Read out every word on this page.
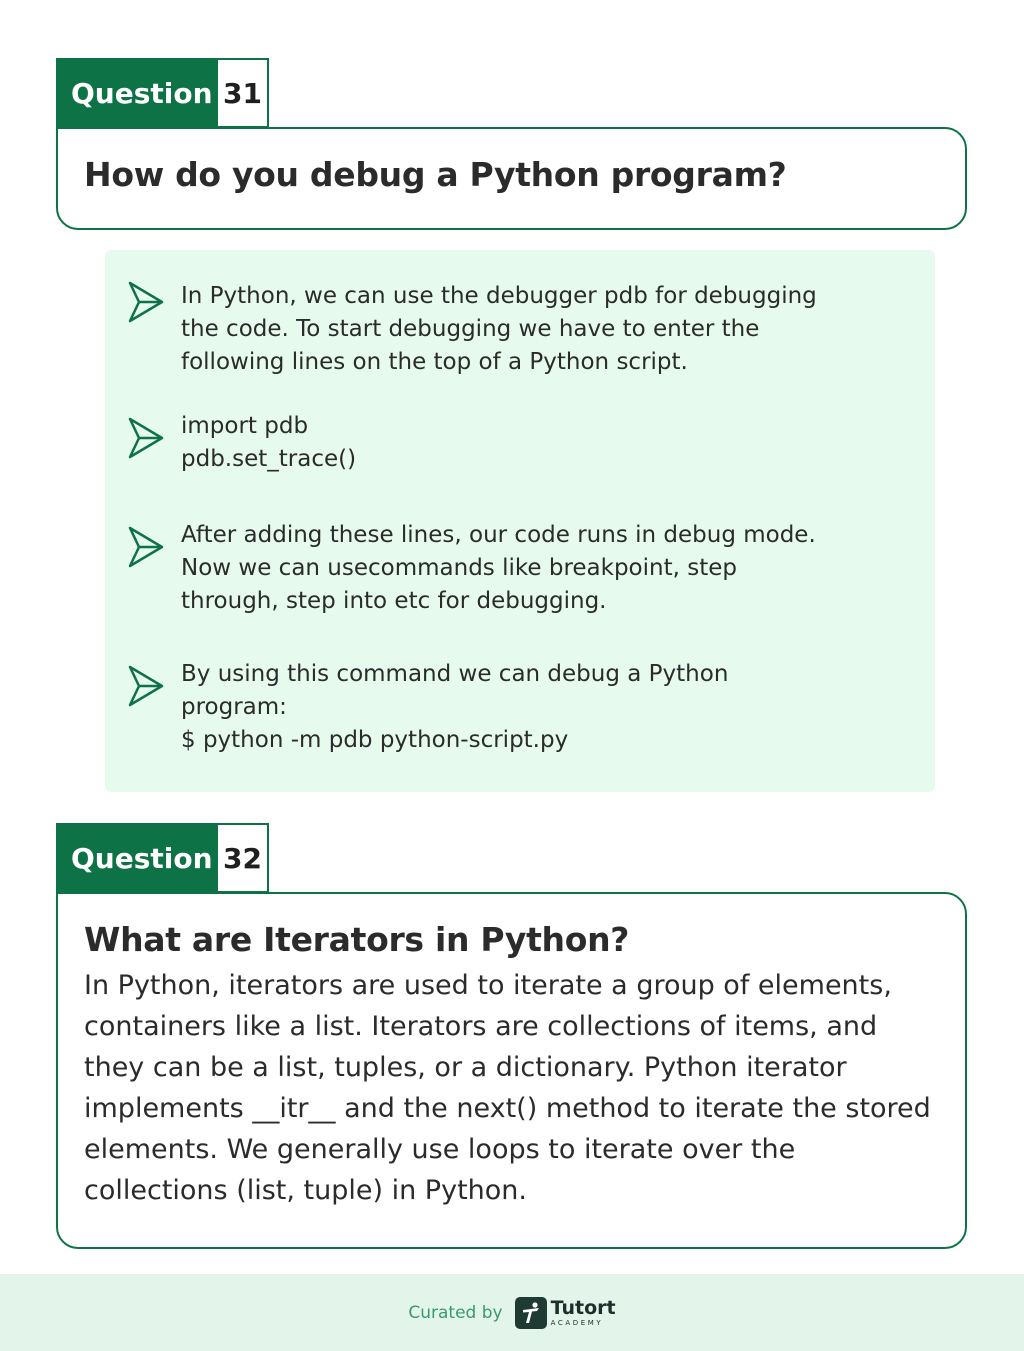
Question 31
How do you debug a Python program?
In Python, we can use the debugger pdb for debugging
the code. To start debugging we have to enter the
following lines on the top of a Python script.
import pdb
pdb.set_trace()
After adding these lines, our code runs in debug mode.
Now we can usecommands like breakpoint, step
through, step into etc for debugging.
By using this command we can debug a Python
program:
$ python -m pdb python-script.py
Question 32
What are Iterators in Python?

In Python, iterators are used to iterate a group of elements, containers like a list. Iterators are collections of items, and they can be a list, tuples, or a dictionary. Python iterator implements __itr__ and the next() method to iterate the stored elements. We generally use loops to iterate over the collections (list, tuple) in Python.

Curated by	Tutort
ACADEMY
